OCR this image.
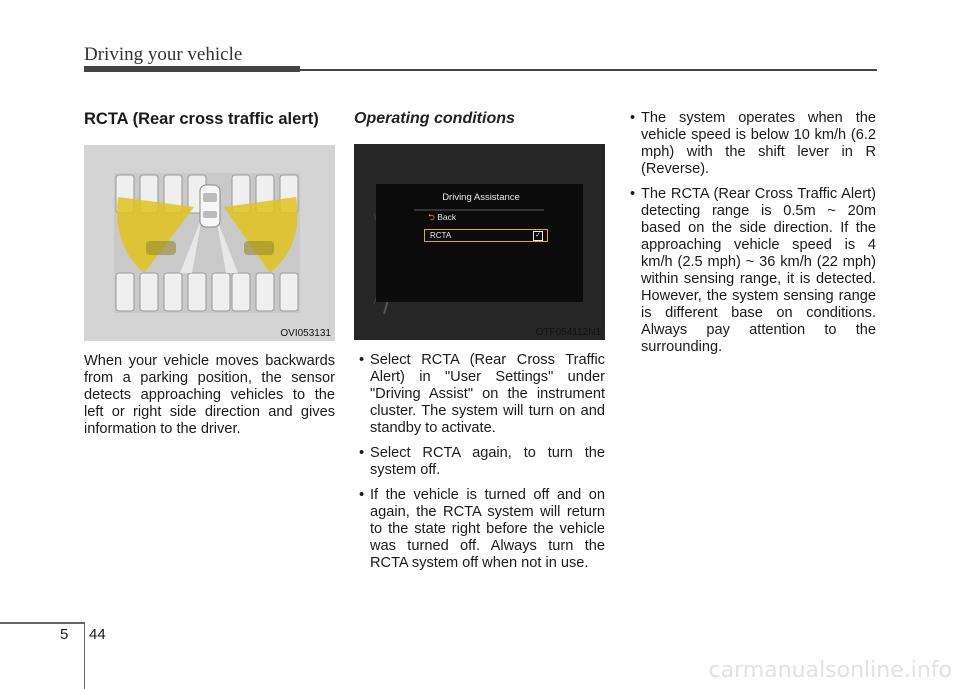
Driving your vehicle
RCTA (Rear cross traffic alert)
OVI053131

When your vehicle moves backwards from a parking position, the sensor detects approaching vehicles to the left or right side direction and gives information to the driver.

Operating conditions
Driving Assistance
⮌ Back
RCTA	✓
OTF054112N1
• Select RCTA (Rear Cross Traffic Alert) in "User Settings" under "Driving Assist" on the instrument cluster. The system will turn on and standby to activate.
• Select RCTA again, to turn the system off.
• If the vehicle is turned off and on again, the RCTA system will return to the state right before the vehicle was turned off. Always turn the RCTA system off when not in use.
• The system operates when the vehicle speed is below 10 km/h (6.2 mph) with the shift lever in R (Reverse).
• The RCTA (Rear Cross Traffic Alert) detecting range is 0.5m ~ 20m based on the side direction. If the approaching vehicle speed is 4 km/h (2.5 mph) ~ 36 km/h (22 mph) within sensing range, it is detected. However, the system sensing range is different base on conditions. Always pay attention to the surrounding.
5 44
carmanualsonline.info
